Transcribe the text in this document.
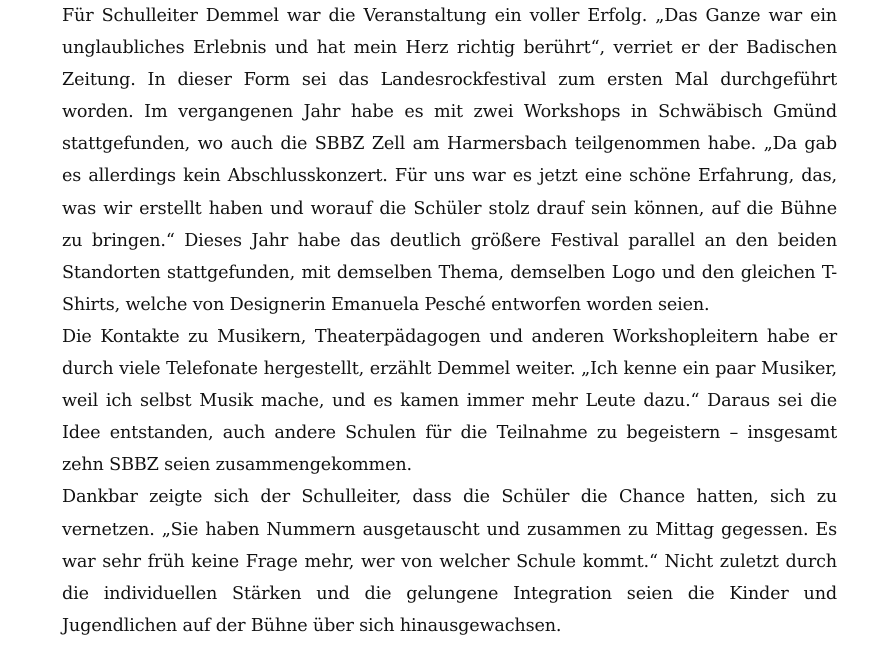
Für Schulleiter Demmel war die Veranstaltung ein voller Erfolg. „Das Ganze war ein unglaubliches Erlebnis und hat mein Herz richtig berührt“, verriet er der Badischen Zeitung. In dieser Form sei das Landesrockfestival zum ersten Mal durchgeführt worden. Im vergangenen Jahr habe es mit zwei Workshops in Schwäbisch Gmünd stattgefunden, wo auch die SBBZ Zell am Harmersbach teilgenommen habe. „Da gab es allerdings kein Abschlusskonzert. Für uns war es jetzt eine schöne Erfahrung, das, was wir erstellt haben und worauf die Schüler stolz drauf sein können, auf die Bühne zu bringen.“ Dieses Jahr habe das deutlich größere Festival parallel an den beiden Standorten stattgefunden, mit demselben Thema, demselben Logo und den gleichen T-Shirts, welche von Designerin Emanuela Pesché entworfen worden seien.

Die Kontakte zu Musikern, Theaterpädagogen und anderen Workshopleitern habe er durch viele Telefonate hergestellt, erzählt Demmel weiter. „Ich kenne ein paar Musiker, weil ich selbst Musik mache, und es kamen immer mehr Leute dazu.“ Daraus sei die Idee entstanden, auch andere Schulen für die Teilnahme zu begeistern – insgesamt zehn SBBZ seien zusammengekommen.

Dankbar zeigte sich der Schulleiter, dass die Schüler die Chance hatten, sich zu vernetzen. „Sie haben Nummern ausgetauscht und zusammen zu Mittag gegessen. Es war sehr früh keine Frage mehr, wer von welcher Schule kommt.“ Nicht zuletzt durch die individuellen Stärken und die gelungene Integration seien die Kinder und Jugendlichen auf der Bühne über sich hinausgewachsen.
